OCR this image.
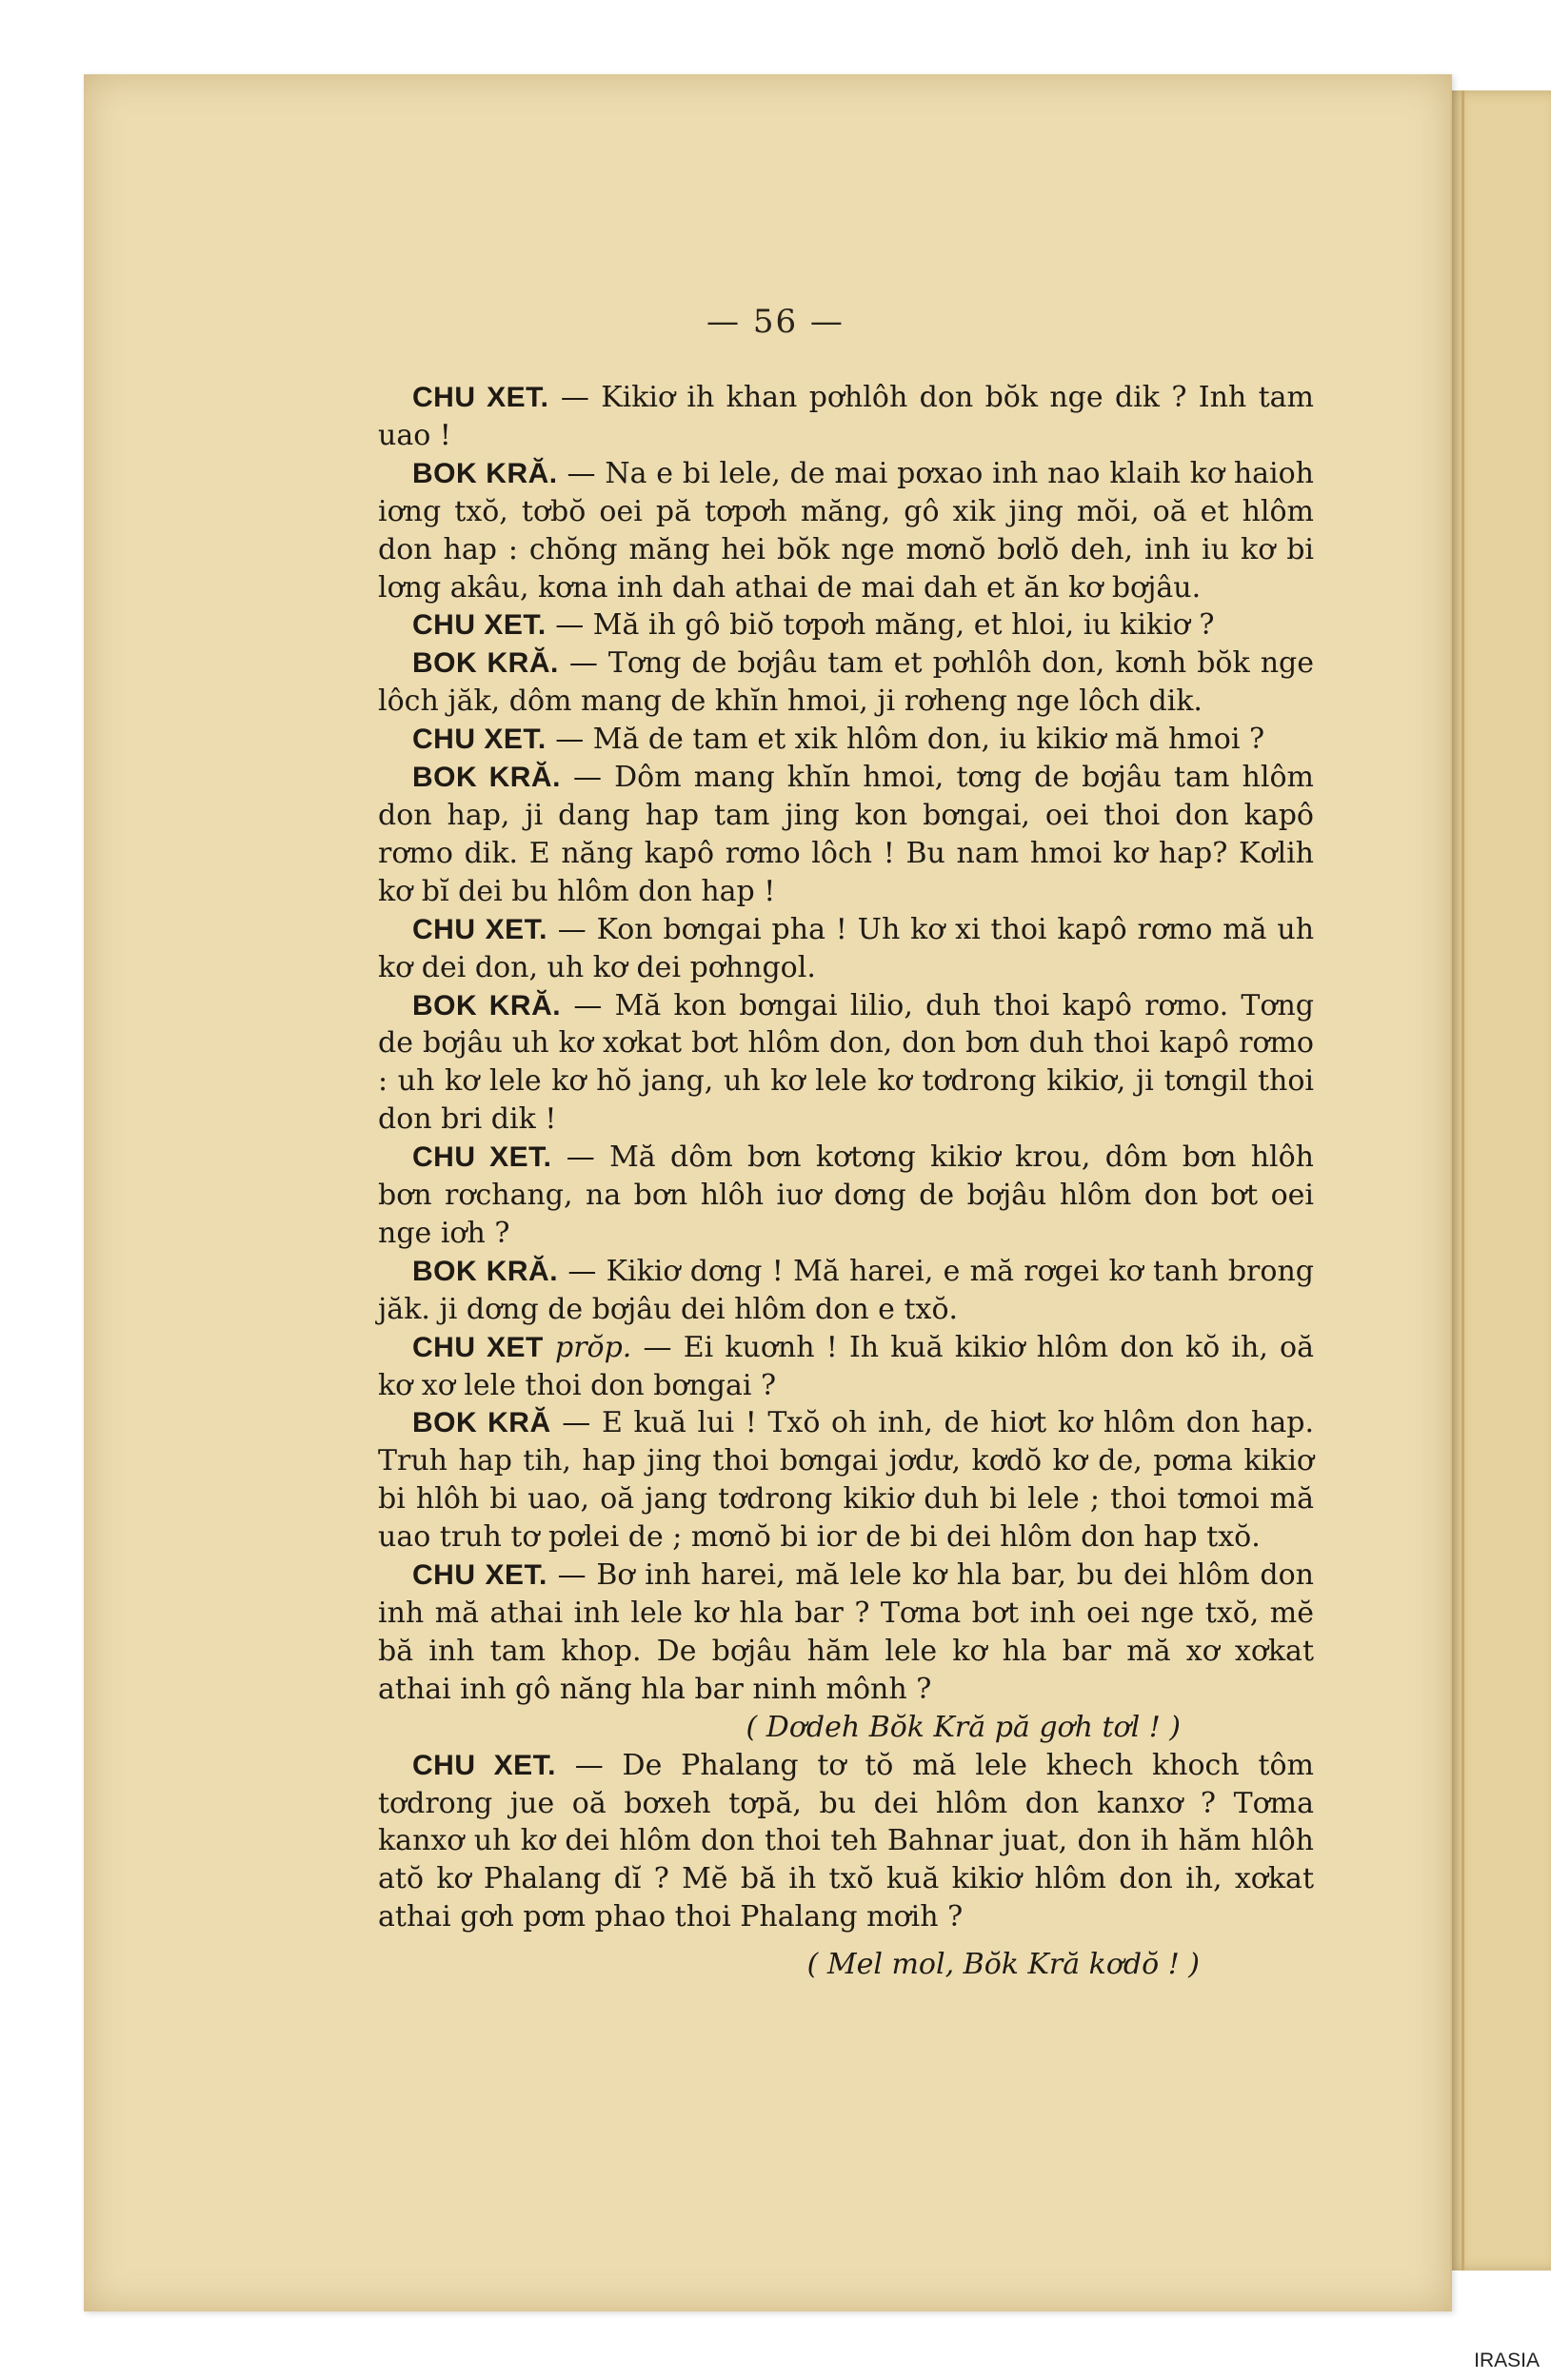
— 56 —

CHU XET. — Kikiơ ih khan pơhlôh don bŏk nge dik ? Inh tam uao !

BOK KRĂ. — Na e bi lele, de mai pơxao inh nao klaih kơ haioh iơng txŏ, tơbŏ oei pă tơpơh măng, gô xik jing mŏi, oă et hlôm don hap : chŏng măng hei bŏk nge mơnŏ bơlŏ deh, inh iu kơ bi lơng akâu, kơna inh dah athai de mai dah et ăn kơ bơjâu.

CHU XET. — Mă ih gô biŏ tơpơh măng, et hloi, iu kikiơ ?

BOK KRĂ. — Tơng de bơjâu tam et pơhlôh don, kơnh bŏk nge lôch jăk, dôm mang de khĭn hmoi, ji rơheng nge lôch dik.

CHU XET. — Mă de tam et xik hlôm don, iu kikiơ mă hmoi ?

BOK KRĂ. — Dôm mang khĭn hmoi, tơng de bơjâu tam hlôm don hap, ji dang hap tam jing kon bơngai, oei thoi don kapô rơmo dik. E năng kapô rơmo lôch ! Bu nam hmoi kơ hap? Kơlih kơ bĭ dei bu hlôm don hap !

CHU XET. — Kon bơngai pha ! Uh kơ xi thoi kapô rơmo mă uh kơ dei don, uh kơ dei pơhngol.

BOK KRĂ. — Mă kon bơngai lilio, duh thoi kapô rơmo. Tơng de bơjâu uh kơ xơkat bơt hlôm don, don bơn duh thoi kapô rơmo : uh kơ lele kơ hŏ jang, uh kơ lele kơ tơdrong kikiơ, ji tơngil thoi don bri dik !

CHU XET. — Mă dôm bơn kơtơng kikiơ krou, dôm bơn hlôh bơn rơchang, na bơn hlôh iuơ dơng de bơjâu hlôm don bơt oei nge iơh ?

BOK KRĂ. — Kikiơ dơng ! Mă harei, e mă rơgei kơ tanh brong jăk. ji dơng de bơjâu dei hlôm don e txŏ.

CHU XET prŏp. — Ei kuơnh ! Ih kuă kikiơ hlôm don kŏ ih, oă kơ xơ lele thoi don bơngai ?

BOK KRĂ — E kuă lui ! Txŏ oh inh, de hiơt kơ hlôm don hap. Truh hap tih, hap jing thoi bơngai jơdư, kơdŏ kơ de, pơma kikiơ bi hlôh bi uao, oă jang tơdrong kikiơ duh bi lele ; thoi tơmoi mă uao truh tơ pơlei de ; mơnŏ bi ior de bi dei hlôm don hap txŏ.

CHU XET. — Bơ inh harei, mă lele kơ hla bar, bu dei hlôm don inh mă athai inh lele kơ hla bar ? Tơma bơt inh oei nge txŏ, mĕ bă inh tam khop. De bơjâu hăm lele kơ hla bar mă xơ xơkat athai inh gô năng hla bar ninh mônh ?

( Dơdeh Bŏk Kră pă gơh tơl ! )

CHU XET. — De Phalang tơ tŏ mă lele khech khoch tôm tơdrong jue oă bơxeh tơpă, bu dei hlôm don kanxơ ? Tơma kanxơ uh kơ dei hlôm don thoi teh Bahnar juat, don ih hăm hlôh atŏ kơ Phalang dĭ ? Mĕ bă ih txŏ kuă kikiơ hlôm don ih, xơkat athai gơh pơm phao thoi Phalang mơih ?

( Mel mol, Bŏk Kră kơdŏ ! )

IRASIA
